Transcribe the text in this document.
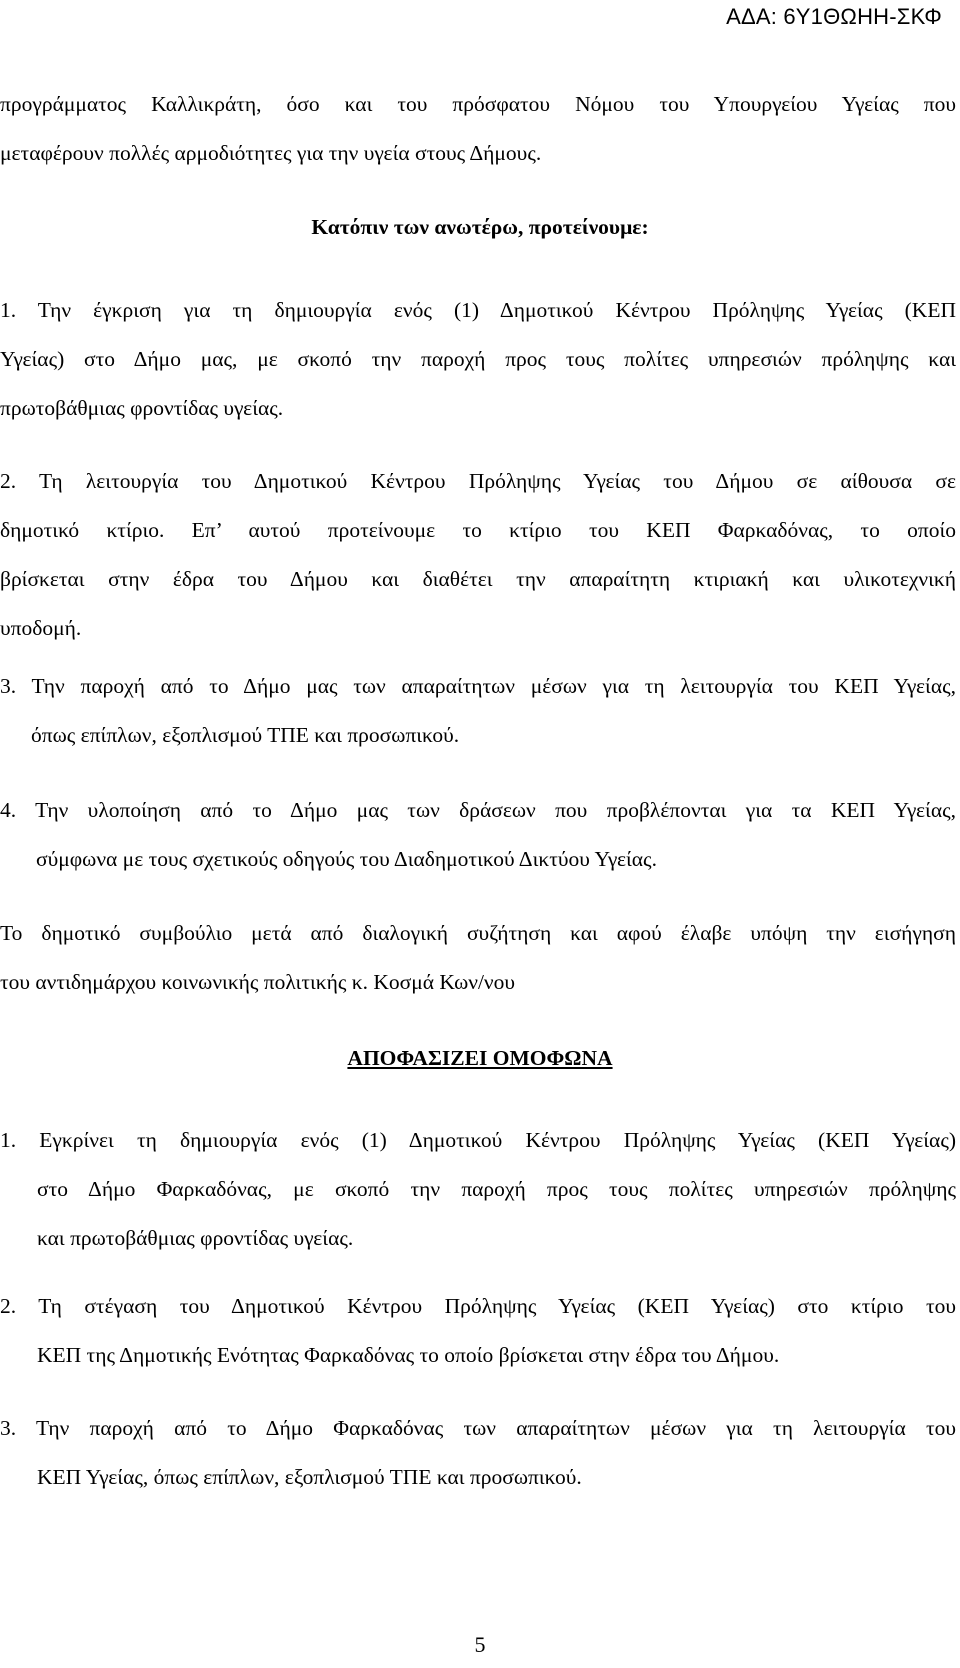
ΑΔΑ: 6Υ1ΘΩΗΗ-ΣΚΦ
προγράμματος Καλλικράτη, όσο και του πρόσφατου Νόμου του Υπουργείου Υγείας που
μεταφέρουν πολλές αρμοδιότητες για την υγεία στους Δήμους.
Κατόπιν των ανωτέρω, προτείνουμε:
1. Την έγκριση για τη δημιουργία ενός (1) Δημοτικού Κέντρου Πρόληψης Υγείας (ΚΕΠ
Υγείας) στο Δήμο μας, με σκοπό την παροχή προς τους πολίτες υπηρεσιών πρόληψης και
πρωτοβάθμιας φροντίδας υγείας.
2. Τη λειτουργία του Δημοτικού Κέντρου Πρόληψης Υγείας του Δήμου σε αίθουσα σε
δημοτικό κτίριο. Επ’ αυτού προτείνουμε το κτίριο του ΚΕΠ Φαρκαδόνας, το οποίο
βρίσκεται στην έδρα του Δήμου και διαθέτει την απαραίτητη κτιριακή και υλικοτεχνική
υποδομή.
3. Την παροχή από το Δήμο μας των απαραίτητων μέσων για τη λειτουργία του ΚΕΠ Υγείας,
όπως επίπλων, εξοπλισμού ΤΠΕ και προσωπικού.
4. Την υλοποίηση από το Δήμο μας των δράσεων που προβλέπονται για τα ΚΕΠ Υγείας,
σύμφωνα με τους σχετικούς οδηγούς του Διαδημοτικού Δικτύου Υγείας.
Το δημοτικό συμβούλιο μετά από διαλογική συζήτηση και αφού έλαβε υπόψη την εισήγηση
του αντιδημάρχου κοινωνικής πολιτικής κ. Κοσμά Κων/νου
ΑΠΟΦΑΣΙΖΕΙ ΟΜΟΦΩΝΑ
1. Εγκρίνει τη δημιουργία ενός (1) Δημοτικού Κέντρου Πρόληψης Υγείας (ΚΕΠ Υγείας)
στο Δήμο Φαρκαδόνας, με σκοπό την παροχή προς τους πολίτες υπηρεσιών πρόληψης
και πρωτοβάθμιας φροντίδας υγείας.
2. Τη στέγαση του Δημοτικού Κέντρου Πρόληψης Υγείας (ΚΕΠ Υγείας) στο κτίριο του
ΚΕΠ της Δημοτικής Ενότητας Φαρκαδόνας το οποίο βρίσκεται στην έδρα του Δήμου.
3. Την παροχή από το Δήμο Φαρκαδόνας των απαραίτητων μέσων για τη λειτουργία του
ΚΕΠ Υγείας, όπως επίπλων, εξοπλισμού ΤΠΕ και προσωπικού.
5
